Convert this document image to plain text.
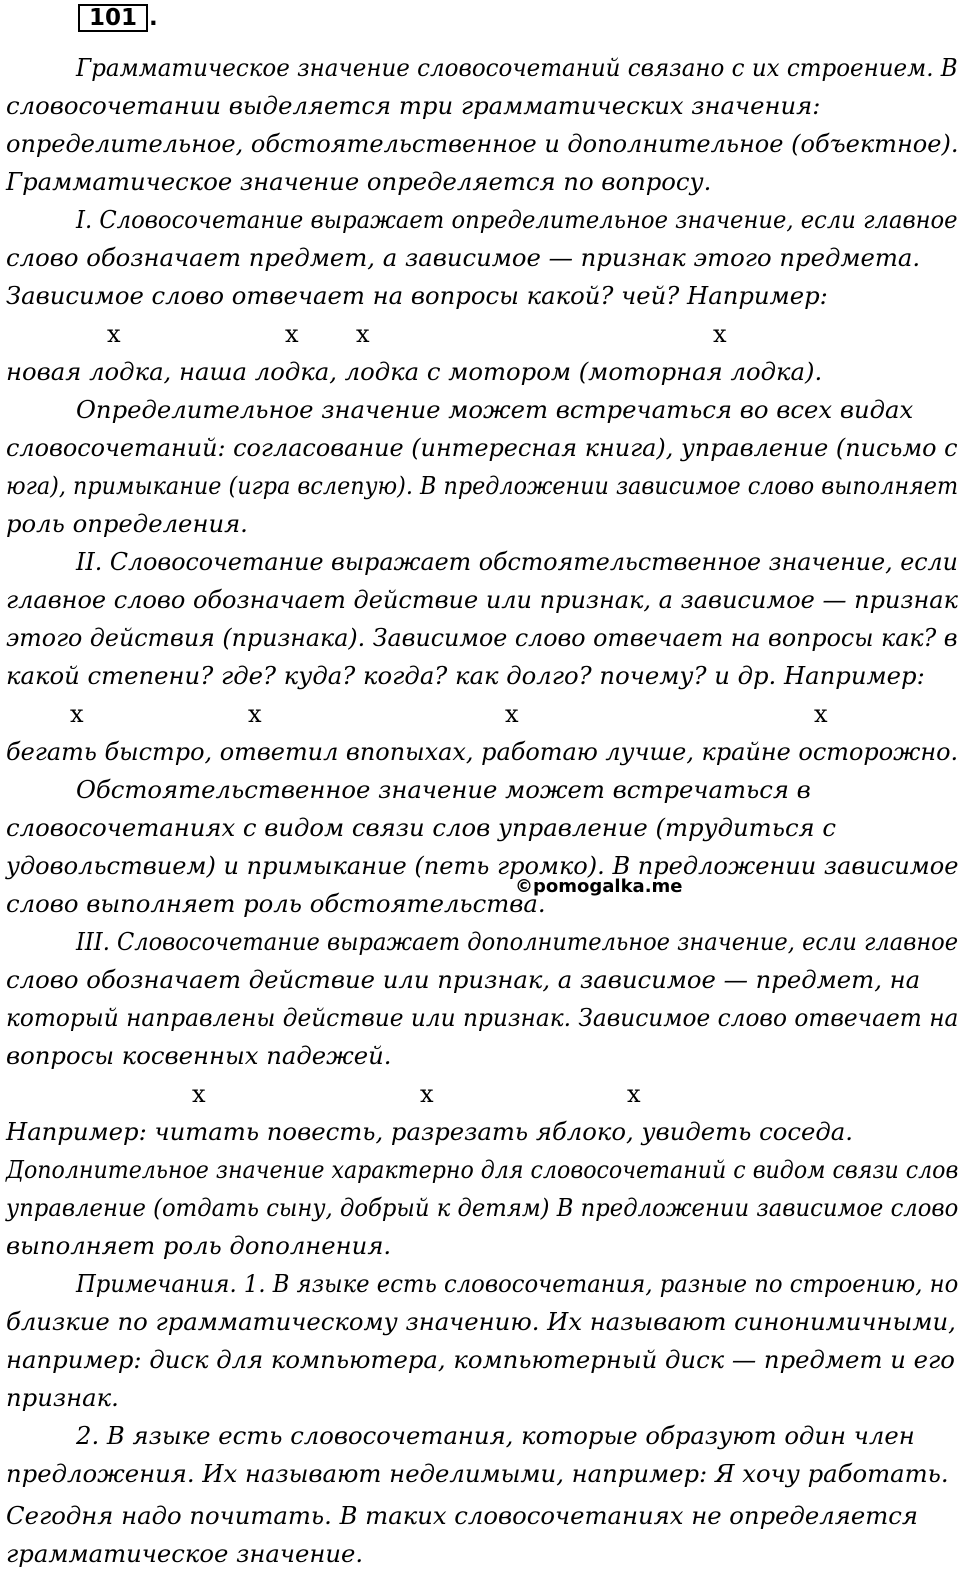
101 .
Грамматическое значение словосочетаний связано с их строением. В
словосочетании выделяется три грамматических значения:
определительное, обстоятельственное и дополнительное (объектное).
Грамматическое значение определяется по вопросу.
I. Словосочетание выражает определительное значение, если главное
слово обозначает предмет, а зависимое — признак этого предмета.
Зависимое слово отвечает на вопросы какой? чей? Например:
x	x x	x
новая лодка, наша лодка, лодка с мотором (моторная лодка).
Определительное значение может встречаться во всех видах
словосочетаний: согласование (интересная книга), управление (письмо с
юга), примыкание (игра вслепую). В предложении зависимое слово выполняет
роль определения.
II. Словосочетание выражает обстоятельственное значение, если
главное слово обозначает действие или признак, а зависимое — признак
этого действия (признака). Зависимое слово отвечает на вопросы как? в
какой степени? где? куда? когда? как долго? почему? и др. Например:
x	x	x	x
бегать быстро, ответил впопыхах, работаю лучше, крайне осторожно.
Обстоятельственное значение может встречаться в
словосочетаниях с видом связи слов управление (трудиться с
удовольствием) и примыкание (петь громко). В предложении зависимое
слово выполняет роль обстоятельства.
©pomogalka.me
III. Словосочетание выражает дополнительное значение, если главное
слово обозначает действие или признак, а зависимое — предмет, на
который направлены действие или признак. Зависимое слово отвечает на
вопросы косвенных падежей.
x	x	x
Например: читать повесть, разрезать яблоко, увидеть соседа.
Дополнительное значение характерно для словосочетаний с видом связи слов
управление (отдать сыну, добрый к детям) В предложении зависимое слово
выполняет роль дополнения.
Примечания. 1. В языке есть словосочетания, разные по строению, но
близкие по грамматическому значению. Их называют синонимичными,
например: диск для компьютера, компьютерный диск — предмет и его
признак.
2. В языке есть словосочетания, которые образуют один член
предложения. Их называют неделимыми, например: Я хочу работать.
Сегодня надо почитать. В таких словосочетаниях не определяется
грамматическое значение.
